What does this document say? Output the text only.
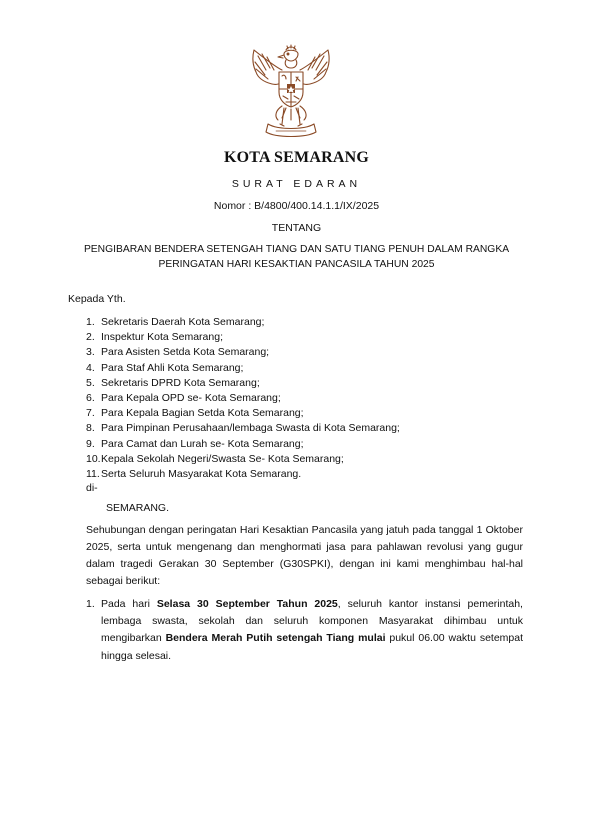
KOTA SEMARANG
SURAT EDARAN
Nomor : B/4800/400.14.1.1/IX/2025
TENTANG
PENGIBARAN BENDERA SETENGAH TIANG DAN SATU TIANG PENUH DALAM RANGKA
PERINGATAN HARI KESAKTIAN PANCASILA TAHUN 2025
Kepada Yth.
1. Sekretaris Daerah Kota Semarang;
2. Inspektur Kota Semarang;
3. Para Asisten Setda Kota Semarang;
4. Para Staf Ahli Kota Semarang;
5. Sekretaris DPRD Kota Semarang;
6. Para Kepala OPD se- Kota Semarang;
7. Para Kepala Bagian Setda Kota Semarang;
8. Para Pimpinan Perusahaan/lembaga Swasta di Kota Semarang;
9. Para Camat dan Lurah se- Kota Semarang;
10. Kepala Sekolah Negeri/Swasta Se- Kota Semarang;
11. Serta Seluruh Masyarakat Kota Semarang.
di-
SEMARANG.

Sehubungan dengan peringatan Hari Kesaktian Pancasila yang jatuh pada tanggal 1 Oktober 2025, serta untuk mengenang dan menghormati jasa para pahlawan revolusi yang gugur dalam tragedi Gerakan 30 September (G30SPKI), dengan ini kami menghimbau hal-hal sebagai berikut:

1. Pada hari Selasa 30 September Tahun 2025, seluruh kantor instansi pemerintah, lembaga swasta, sekolah dan seluruh komponen Masyarakat dihimbau untuk mengibarkan Bendera Merah Putih setengah Tiang mulai pukul 06.00 waktu setempat hingga selesai.
